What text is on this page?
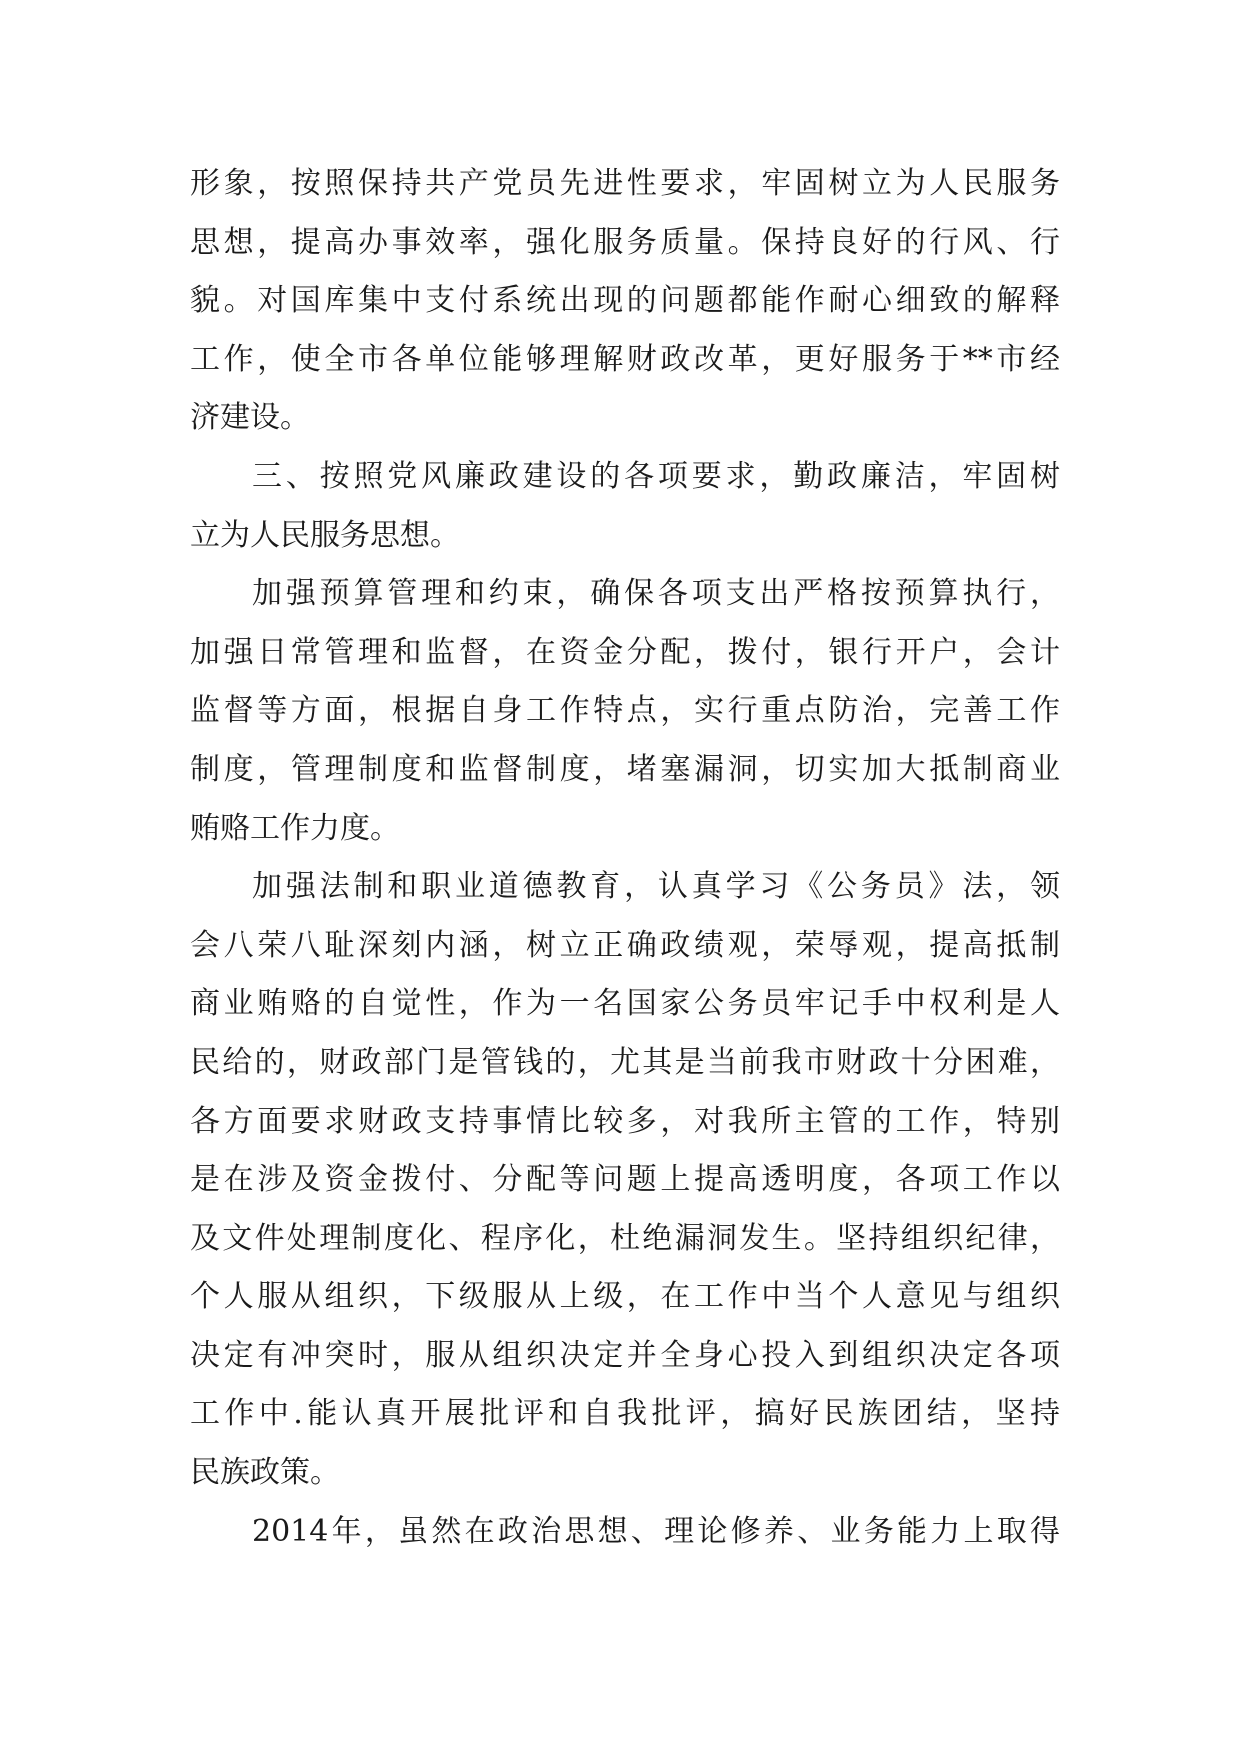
形象，按照保持共产党员先进性要求，牢固树立为人民服务
思想，提高办事效率，强化服务质量。保持良好的行风、行
貌。对国库集中支付系统出现的问题都能作耐心细致的解释
工作，使全市各单位能够理解财政改革，更好服务于**市经
济建设。
三、按照党风廉政建设的各项要求，勤政廉洁，牢固树
立为人民服务思想。
加强预算管理和约束，确保各项支出严格按预算执行，
加强日常管理和监督，在资金分配，拨付，银行开户，会计
监督等方面，根据自身工作特点，实行重点防治，完善工作
制度，管理制度和监督制度，堵塞漏洞，切实加大抵制商业
贿赂工作力度。
加强法制和职业道德教育，认真学习《公务员》法，领
会八荣八耻深刻内涵，树立正确政绩观，荣辱观，提高抵制
商业贿赂的自觉性，作为一名国家公务员牢记手中权利是人
民给的，财政部门是管钱的，尤其是当前我市财政十分困难，
各方面要求财政支持事情比较多，对我所主管的工作，特别
是在涉及资金拨付、分配等问题上提高透明度，各项工作以
及文件处理制度化、程序化，杜绝漏洞发生。坚持组织纪律，
个人服从组织，下级服从上级，在工作中当个人意见与组织
决定有冲突时，服从组织决定并全身心投入到组织决定各项
工作中.能认真开展批评和自我批评，搞好民族团结，坚持
民族政策。
2014年，虽然在政治思想、理论修养、业务能力上取得
